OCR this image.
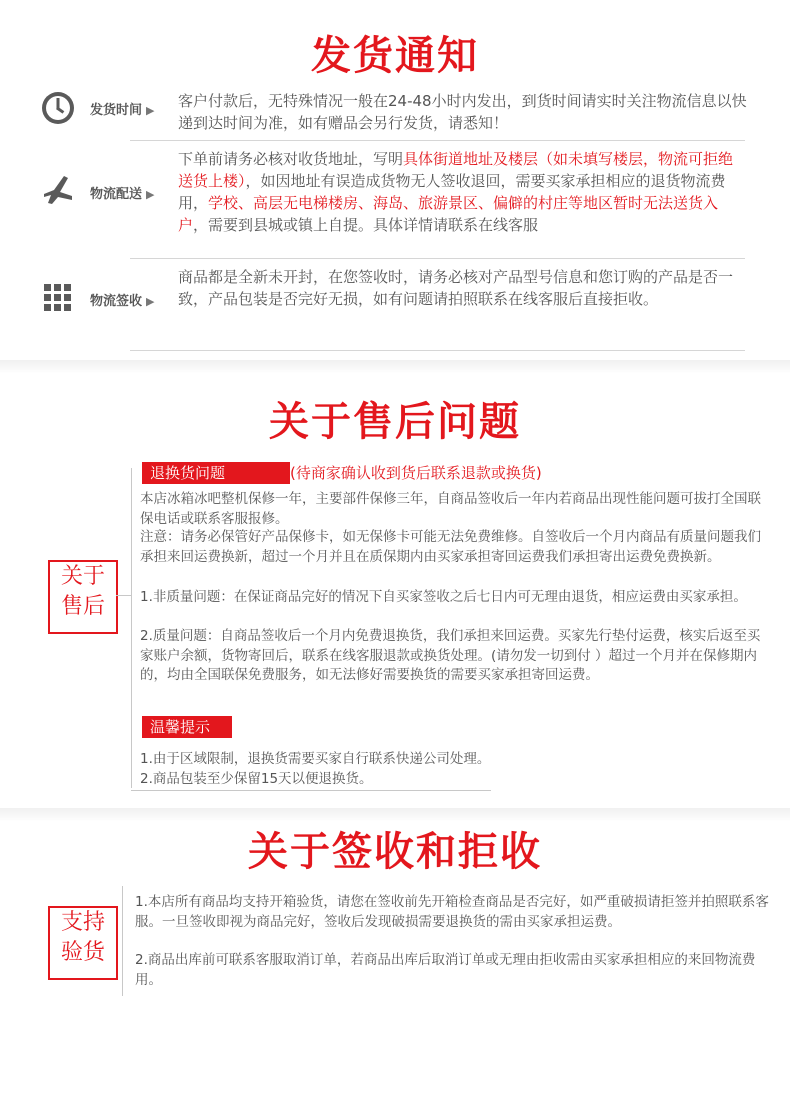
发货通知
发货时间 ▶
客户付款后，无特殊情况一般在24-48小时内发出，到货时间请实时关注物流信息以快递到达时间为准，如有赠品会另行发货，请悉知！
物流配送 ▶
下单前请务必核对收货地址，写明具体街道地址及楼层（如未填写楼层，物流可拒绝送货上楼），如因地址有误造成货物无人签收退回，需要买家承担相应的退货物流费用，学校、高层无电梯楼房、海岛、旅游景区、偏僻的村庄等地区暂时无法送货入户，需要到县城或镇上自提。具体详情请联系在线客服
物流签收 ▶
商品都是全新未开封，在您签收时，请务必核对产品型号信息和您订购的产品是否一致，产品包装是否完好无损，如有问题请拍照联系在线客服后直接拒收。
关于售后问题
关于
售后
退换货问题	(待商家确认收到货后联系退款或换货)
本店冰箱冰吧整机保修一年，主要部件保修三年，自商品签收后一年内若商品出现性能问题可拔打全国联保电话或联系客服报修。
注意：请务必保管好产品保修卡，如无保修卡可能无法免费维修。自签收后一个月内商品有质量问题我们承担来回运费换新，超过一个月并且在质保期内由买家承担寄回运费我们承担寄出运费免费换新。
1.非质量问题：在保证商品完好的情况下自买家签收之后七日内可无理由退货，相应运费由买家承担。
2.质量问题：自商品签收后一个月内免费退换货，我们承担来回运费。买家先行垫付运费，核实后返至买家账户余额，货物寄回后，联系在线客服退款或换货处理。(请勿发一切到付 ）超过一个月并在保修期内的，均由全国联保免费服务，如无法修好需要换货的需要买家承担寄回运费。
温馨提示
1.由于区域限制，退换货需要买家自行联系快递公司处理。
2.商品包装至少保留15天以便退换货。
关于签收和拒收
支持
验货
1.本店所有商品均支持开箱验货，请您在签收前先开箱检查商品是否完好，如严重破损请拒签并拍照联系客服。一旦签收即视为商品完好，签收后发现破损需要退换货的需由买家承担运费。
2.商品出库前可联系客服取消订单，若商品出库后取消订单或无理由拒收需由买家承担相应的来回物流费用。
